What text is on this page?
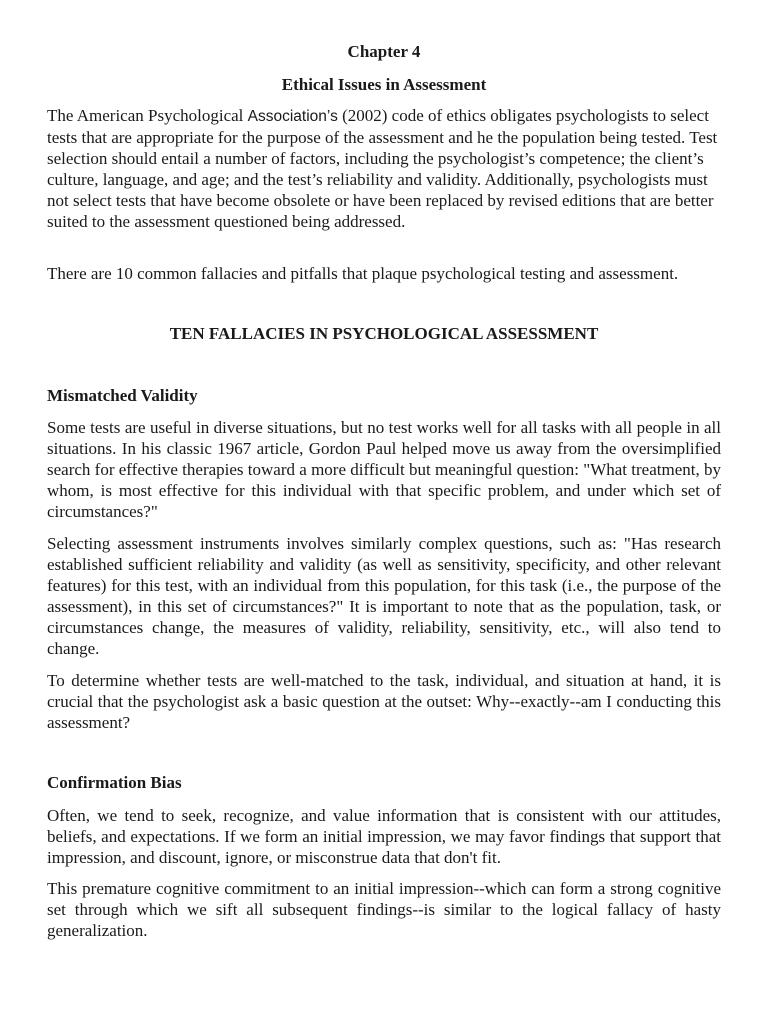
Chapter 4
Ethical Issues in Assessment

The American Psychological Association’s (2002) code of ethics obligates psychologists to select tests that are appropriate for the purpose of the assessment and he the population being tested. Test selection should entail a number of factors, including the psychologist’s competence; the client’s culture, language, and age; and the test’s reliability and validity. Additionally, psychologists must not select tests that have become obsolete or have been replaced by revised editions that are better suited to the assessment questioned being addressed.

There are 10 common fallacies and pitfalls that plaque psychological testing and assessment.

TEN FALLACIES IN PSYCHOLOGICAL ASSESSMENT
Mismatched Validity

Some tests are useful in diverse situations, but no test works well for all tasks with all people in all situations. In his classic 1967 article, Gordon Paul helped move us away from the oversimplified search for effective therapies toward a more difficult but meaningful question: "What treatment, by whom, is most effective for this individual with that specific problem, and under which set of circumstances?"

Selecting assessment instruments involves similarly complex questions, such as: "Has research established sufficient reliability and validity (as well as sensitivity, specificity, and other relevant features) for this test, with an individual from this population, for this task (i.e., the purpose of the assessment), in this set of circumstances?" It is important to note that as the population, task, or circumstances change, the measures of validity, reliability, sensitivity, etc., will also tend to change.

To determine whether tests are well-matched to the task, individual, and situation at hand, it is crucial that the psychologist ask a basic question at the outset: Why--exactly--am I conducting this assessment?

Confirmation Bias

Often, we tend to seek, recognize, and value information that is consistent with our attitudes, beliefs, and expectations. If we form an initial impression, we may favor findings that support that impression, and discount, ignore, or misconstrue data that don't fit.

This premature cognitive commitment to an initial impression--which can form a strong cognitive set through which we sift all subsequent findings--is similar to the logical fallacy of hasty generalization.
